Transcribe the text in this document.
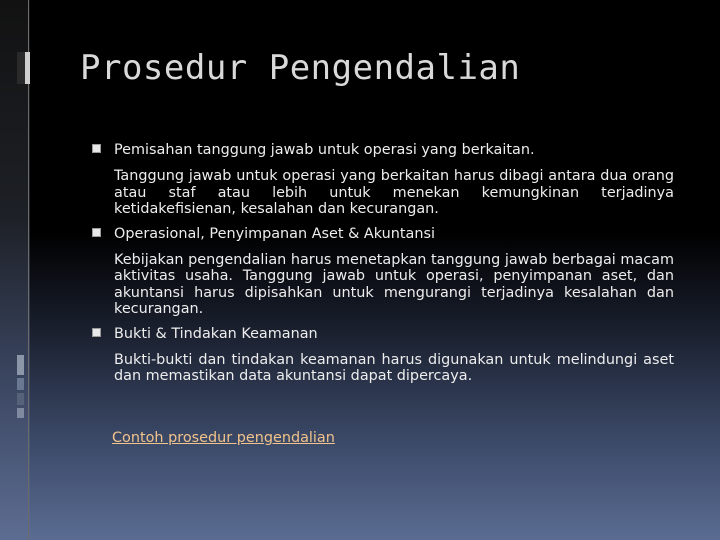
Prosedur Pengendalian
Pemisahan tanggung jawab untuk operasi yang berkaitan.
Tanggung jawab untuk operasi yang berkaitan harus dibagi antara dua orang atau staf atau lebih untuk menekan kemungkinan terjadinya ketidakefisienan, kesalahan dan kecurangan.
Operasional, Penyimpanan Aset & Akuntansi
Kebijakan pengendalian harus menetapkan tanggung jawab berbagai macam aktivitas usaha. Tanggung jawab untuk operasi, penyimpanan aset, dan akuntansi harus dipisahkan untuk mengurangi terjadinya kesalahan dan kecurangan.
Bukti & Tindakan Keamanan
Bukti-bukti dan tindakan keamanan harus digunakan untuk melindungi aset dan memastikan data akuntansi dapat dipercaya.
Contoh prosedur pengendalian
